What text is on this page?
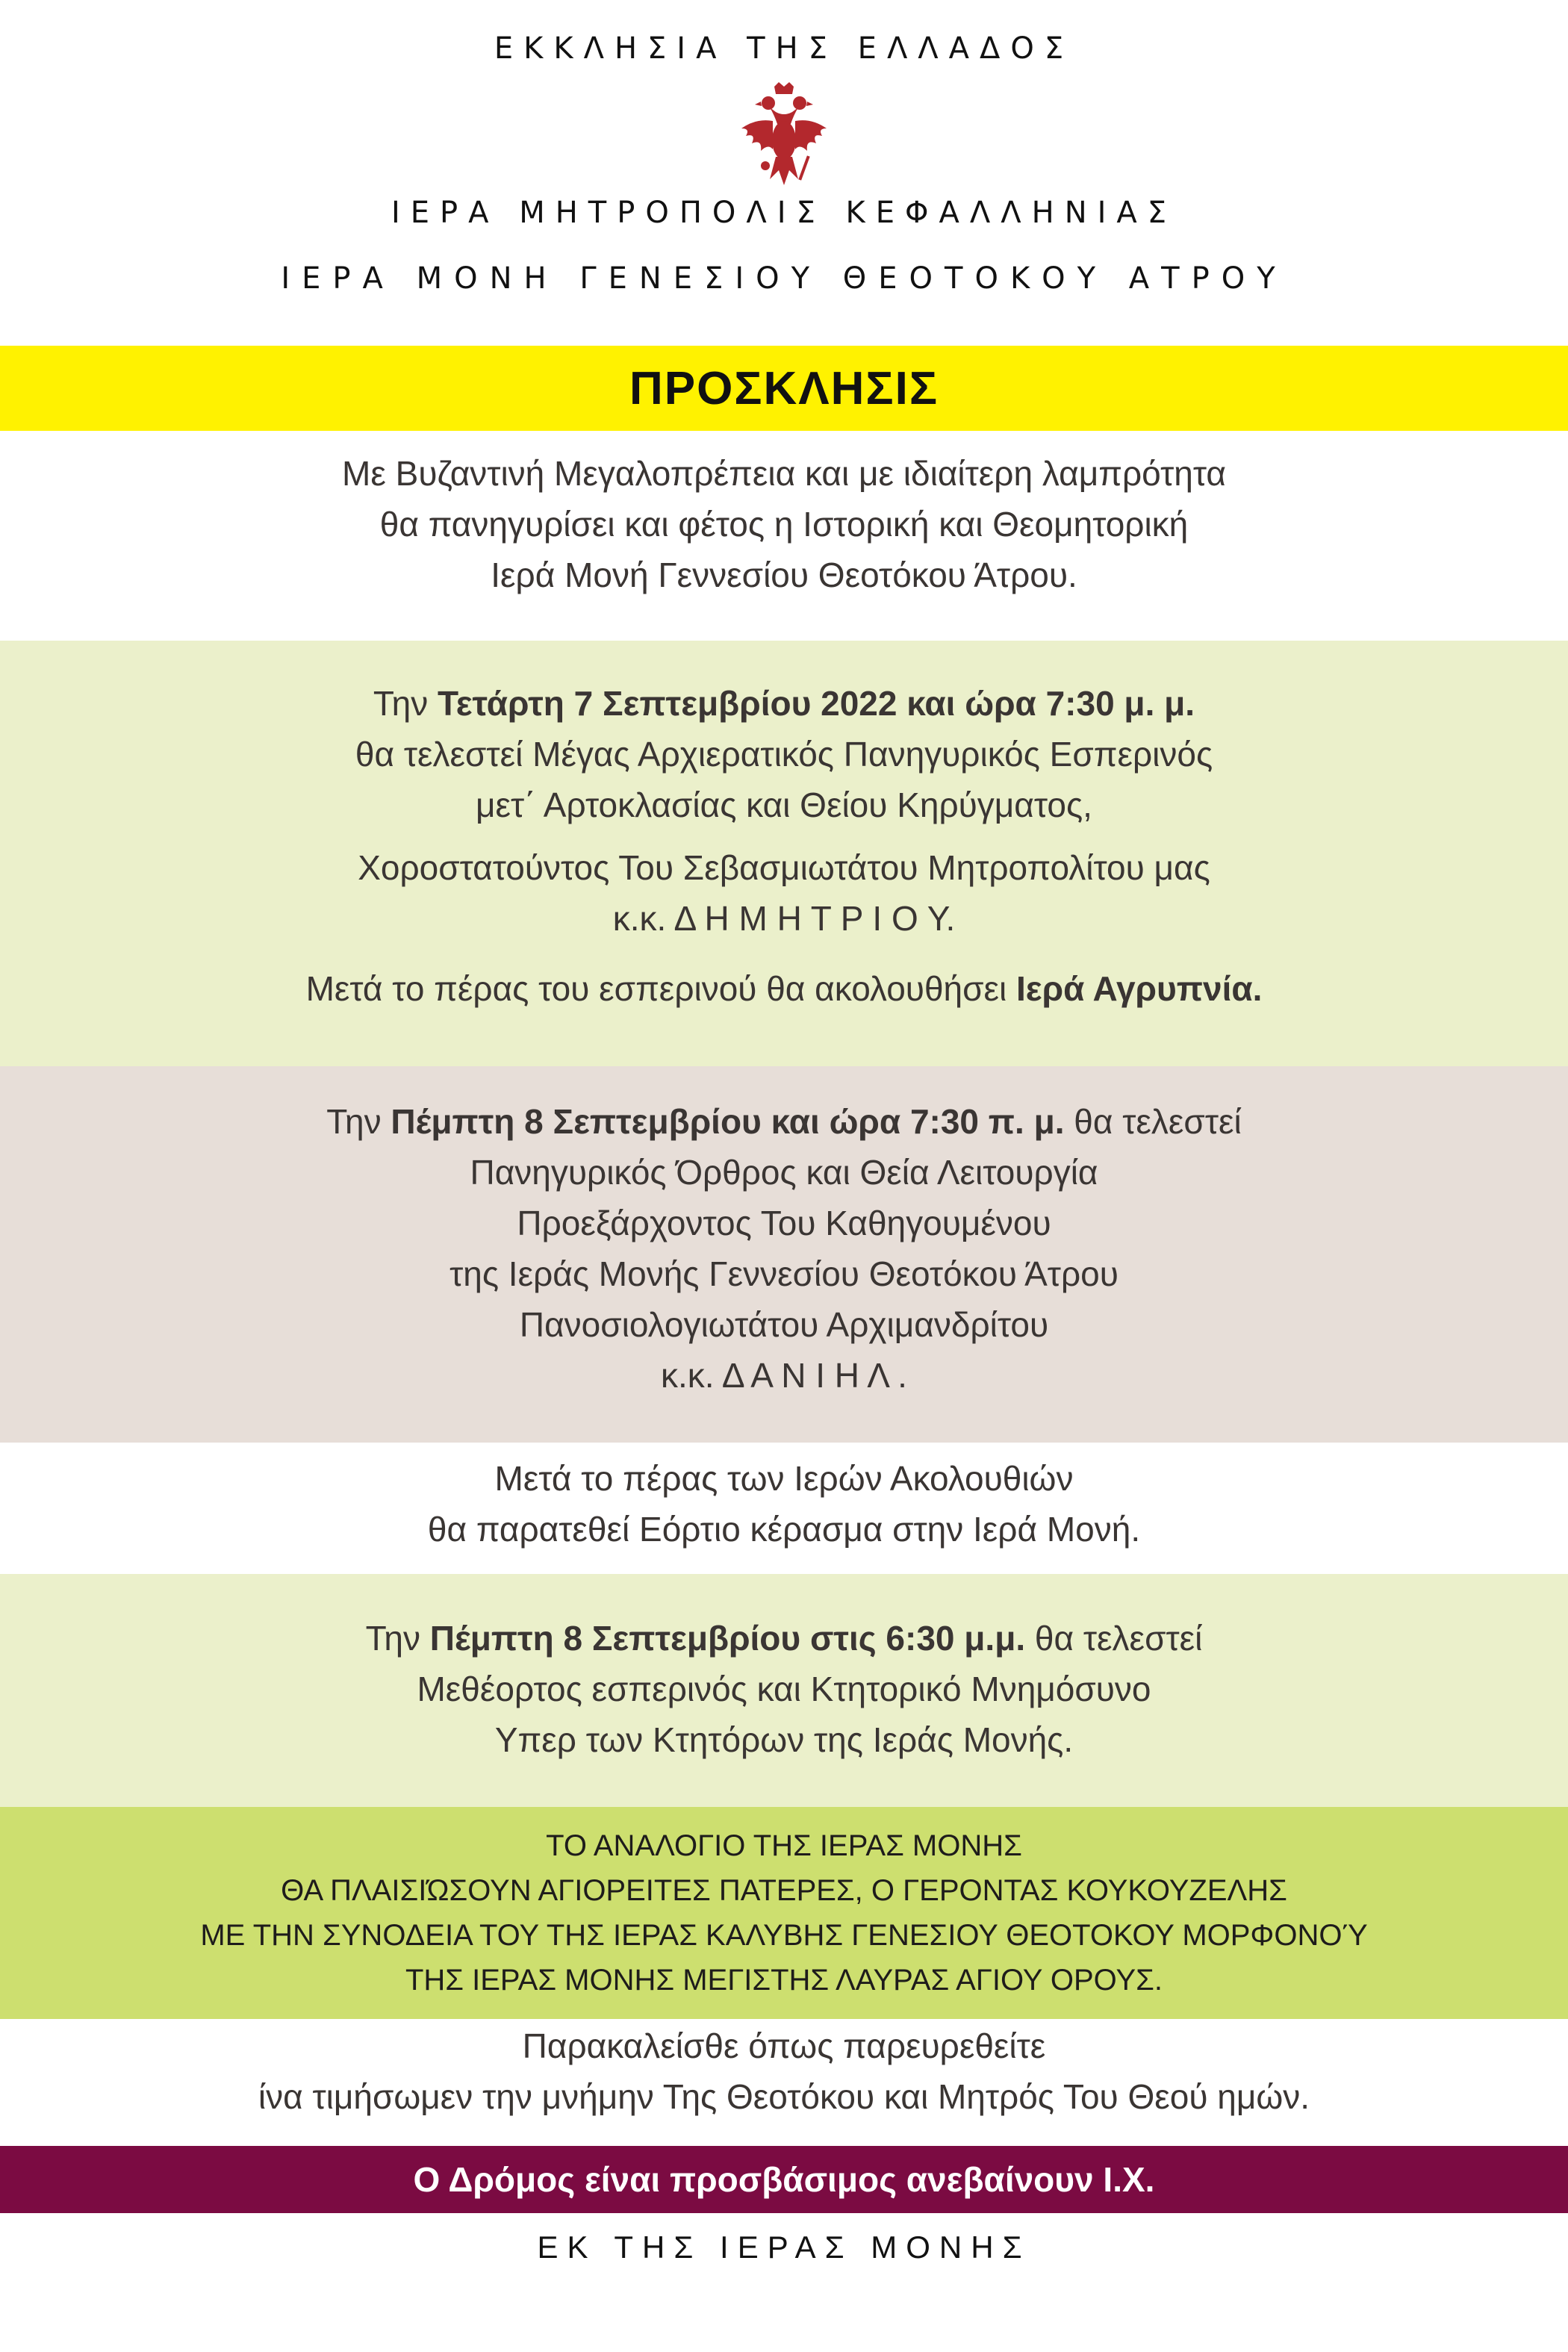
ΕΚΚΛΗΣΙΑ ΤΗΣ ΕΛΛΑΔΟΣ
ΙΕΡΑ ΜΗΤΡΟΠΟΛΙΣ ΚΕΦΑΛΛΗΝΙΑΣ
ΙΕΡΑ ΜΟΝΗ ΓΕΝΕΣΙΟΥ ΘΕΟΤΟΚΟΥ ΑΤΡΟΥ
ΠΡΟΣΚΛΗΣΙΣ
Με Βυζαντινή Μεγαλοπρέπεια και με ιδιαίτερη λαμπρότητα
θα πανηγυρίσει και φέτος η Ιστορική και Θεομητορική
Ιερά Μονή Γεννεσίου Θεοτόκου Άτρου.
Την Τετάρτη 7 Σεπτεμβρίου 2022 και ώρα 7:30 μ. μ.
θα τελεστεί Μέγας Αρχιερατικός Πανηγυρικός Εσπερινός
μετ΄ Αρτοκλασίας και Θείου Κηρύγματος,
Χοροστατούντος Του Σεβασμιωτάτου Μητροπολίτου μας
κ.κ. Δ Η Μ Η Τ Ρ Ι Ο Υ.
Μετά το πέρας του εσπερινού θα ακολουθήσει Ιερά Αγρυπνία.
Την Πέμπτη 8 Σεπτεμβρίου και ώρα 7:30 π. μ. θα τελεστεί
Πανηγυρικός Όρθρος και Θεία Λειτουργία
Προεξάρχοντος Του Καθηγουμένου
της Ιεράς Μονής Γεννεσίου Θεοτόκου Άτρου
Πανοσιολογιωτάτου Αρχιμανδρίτου
κ.κ. Δ Α Ν Ι Η Λ .
Μετά το πέρας των Ιερών Ακολουθιών
θα παρατεθεί Εόρτιο κέρασμα στην Ιερά Μονή.
Την Πέμπτη 8 Σεπτεμβρίου στις 6:30 μ.μ. θα τελεστεί
Μεθέορτος εσπερινός και Κτητορικό Μνημόσυνο
Υπερ των Κτητόρων της Ιεράς Μονής.
ΤΟ ΑΝΑΛΟΓΙΟ ΤΗΣ ΙΕΡΑΣ ΜΟΝΗΣ
ΘΑ ΠΛΑΙΣΙΏΣΟΥΝ ΑΓΙΟΡΕΙΤΕΣ ΠΑΤΕΡΕΣ, Ο ΓΕΡΟΝΤΑΣ ΚΟΥΚΟΥΖΕΛΗΣ
ΜΕ ΤΗΝ ΣΥΝΟΔΕΙΑ ΤΟΥ ΤΗΣ ΙΕΡΑΣ ΚΑΛΥΒΗΣ ΓΕΝΕΣΙΟΥ ΘΕΟΤΟΚΟΥ ΜΟΡΦΟΝΟΎ
ΤΗΣ ΙΕΡΑΣ ΜΟΝΗΣ ΜΕΓΙΣΤΗΣ ΛΑΥΡΑΣ ΑΓΙΟΥ ΟΡΟΥΣ.
Παρακαλείσθε όπως παρευρεθείτε
ίνα τιμήσωμεν την μνήμην Της Θεοτόκου και Μητρός Του Θεού ημών.
Ο Δρόμος είναι προσβάσιμος ανεβαίνουν Ι.Χ.
ΕΚ ΤΗΣ ΙΕΡΑΣ ΜΟΝΗΣ
